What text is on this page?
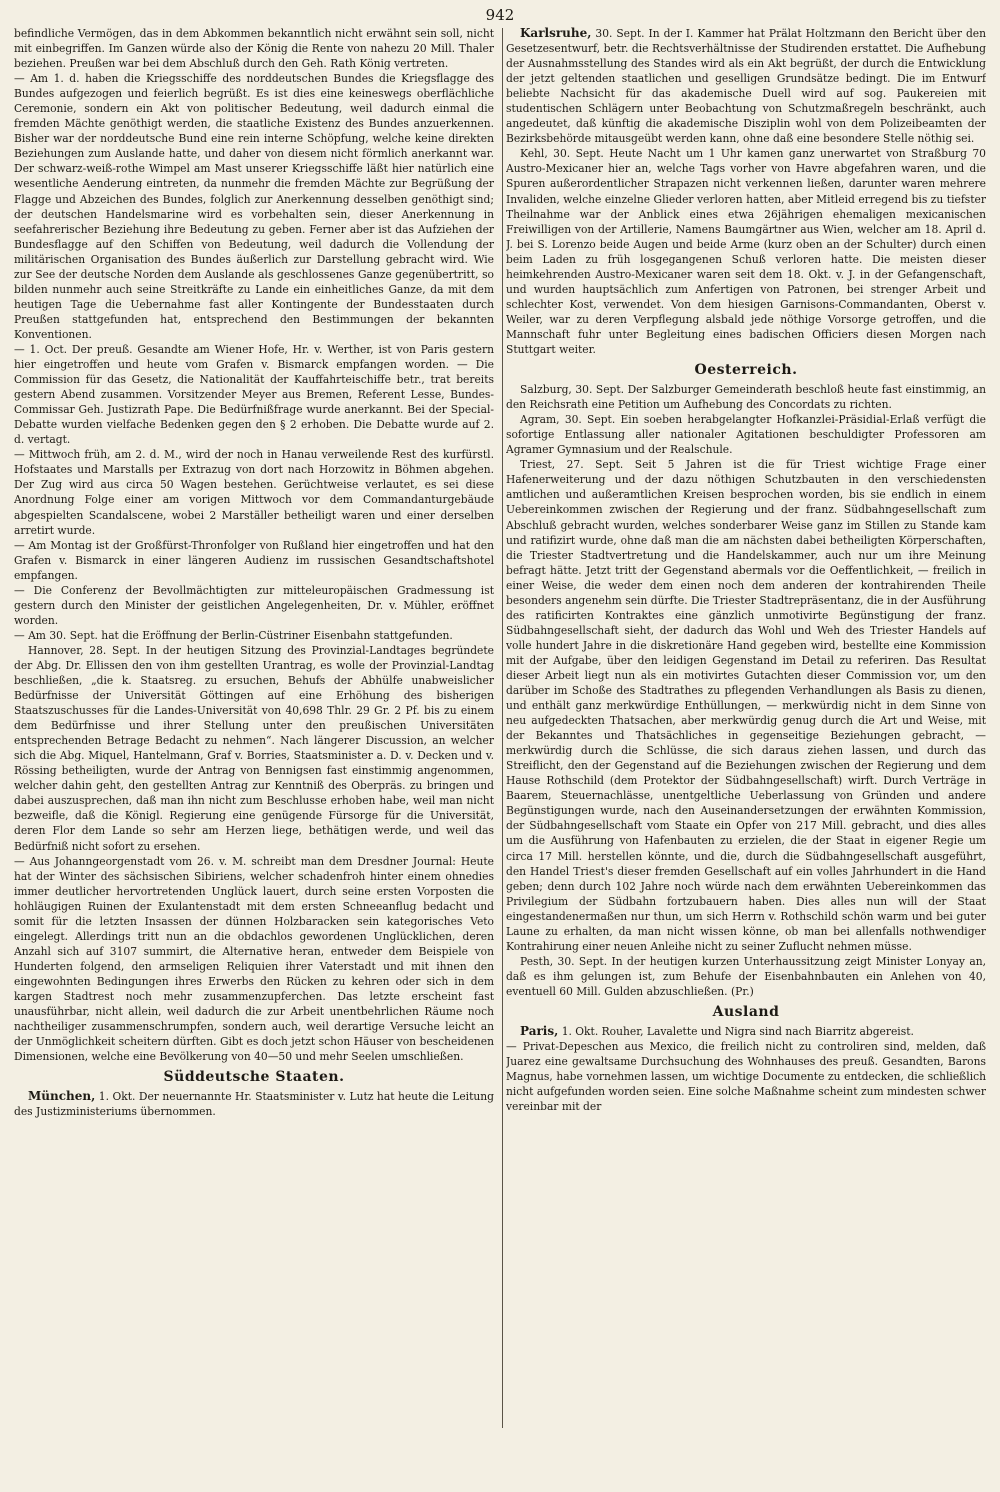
942

befindliche Vermögen, das in dem Abkommen bekanntlich nicht erwähnt sein soll, nicht mit einbegriffen. Im Ganzen würde also der König die Rente von nahezu 20 Mill. Thaler beziehen. Preußen war bei dem Abschluß durch den Geh. Rath König vertreten.

— Am 1. d. haben die Kriegsschiffe des norddeutschen Bundes die Kriegsflagge des Bundes aufgezogen und feierlich begrüßt. Es ist dies eine keineswegs oberflächliche Ceremonie, sondern ein Akt von politischer Bedeutung, weil dadurch einmal die fremden Mächte genöthigt werden, die staatliche Existenz des Bundes anzuerkennen. Bisher war der norddeutsche Bund eine rein interne Schöpfung, welche keine direkten Beziehungen zum Auslande hatte, und daher von diesem nicht förmlich anerkannt war. Der schwarz-weiß-rothe Wimpel am Mast unserer Kriegsschiffe läßt hier natürlich eine wesentliche Aenderung eintreten, da nunmehr die fremden Mächte zur Begrüßung der Flagge und Abzeichen des Bundes, folglich zur Anerkennung desselben genöthigt sind; der deutschen Handelsmarine wird es vorbehalten sein, dieser Anerkennung in seefahrerischer Beziehung ihre Bedeutung zu geben. Ferner aber ist das Aufziehen der Bundesflagge auf den Schiffen von Bedeutung, weil dadurch die Vollendung der militärischen Organisation des Bundes äußerlich zur Darstellung gebracht wird. Wie zur See der deutsche Norden dem Auslande als geschlossenes Ganze gegenübertritt, so bilden nunmehr auch seine Streitkräfte zu Lande ein einheitliches Ganze, da mit dem heutigen Tage die Uebernahme fast aller Kontingente der Bundesstaaten durch Preußen stattgefunden hat, entsprechend den Bestimmungen der bekannten Konventionen.

— 1. Oct. Der preuß. Gesandte am Wiener Hofe, Hr. v. Werther, ist von Paris gestern hier eingetroffen und heute vom Grafen v. Bismarck empfangen worden. — Die Commission für das Gesetz, die Nationalität der Kauffahrteischiffe betr., trat bereits gestern Abend zusammen. Vorsitzender Meyer aus Bremen, Referent Lesse, Bundes-Commissar Geh. Justizrath Pape. Die Bedürfnißfrage wurde anerkannt. Bei der Special-Debatte wurden vielfache Bedenken gegen den § 2 erhoben. Die Debatte wurde auf 2. d. vertagt.

— Mittwoch früh, am 2. d. M., wird der noch in Hanau verweilende Rest des kurfürstl. Hofstaates und Marstalls per Extrazug von dort nach Horzowitz in Böhmen abgehen. Der Zug wird aus circa 50 Wagen bestehen. Gerüchtweise verlautet, es sei diese Anordnung Folge einer am vorigen Mittwoch vor dem Commandanturgebäude abgespielten Scandalscene, wobei 2 Marställer betheiligt waren und einer derselben arretirt wurde.

— Am Montag ist der Großfürst-Thronfolger von Rußland hier eingetroffen und hat den Grafen v. Bismarck in einer längeren Audienz im russischen Gesandtschaftshotel empfangen.

— Die Conferenz der Bevollmächtigten zur mitteleuropäischen Gradmessung ist gestern durch den Minister der geistlichen Angelegenheiten, Dr. v. Mühler, eröffnet worden.

— Am 30. Sept. hat die Eröffnung der Berlin-Cüstriner Eisenbahn stattgefunden.

Hannover, 28. Sept. In der heutigen Sitzung des Provinzial-Landtages begründete der Abg. Dr. Ellissen den von ihm gestellten Urantrag, es wolle der Provinzial-Landtag beschließen, „die k. Staatsreg. zu ersuchen, Behufs der Abhülfe unabweislicher Bedürfnisse der Universität Göttingen auf eine Erhöhung des bisherigen Staatszuschusses für die Landes-Universität von 40,698 Thlr. 29 Gr. 2 Pf. bis zu einem dem Bedürfnisse und ihrer Stellung unter den preußischen Universitäten entsprechenden Betrage Bedacht zu nehmen“. Nach längerer Discussion, an welcher sich die Abg. Miquel, Hantelmann, Graf v. Borries, Staatsminister a. D. v. Decken und v. Rössing betheiligten, wurde der Antrag von Bennigsen fast einstimmig angenommen, welcher dahin geht, den gestellten Antrag zur Kenntniß des Oberpräs. zu bringen und dabei auszusprechen, daß man ihn nicht zum Beschlusse erhoben habe, weil man nicht bezweifle, daß die Königl. Regierung eine genügende Fürsorge für die Universität, deren Flor dem Lande so sehr am Herzen liege, bethätigen werde, und weil das Bedürfniß nicht sofort zu ersehen.

— Aus Johanngeorgenstadt vom 26. v. M. schreibt man dem Dresdner Journal: Heute hat der Winter des sächsischen Sibiriens, welcher schadenfroh hinter einem ohnedies immer deutlicher hervortretenden Unglück lauert, durch seine ersten Vorposten die hohläugigen Ruinen der Exulantenstadt mit dem ersten Schneeanflug bedacht und somit für die letzten Insassen der dünnen Holzbaracken sein kategorisches Veto eingelegt. Allerdings tritt nun an die obdachlos gewordenen Unglücklichen, deren Anzahl sich auf 3107 summirt, die Alternative heran, entweder dem Beispiele von Hunderten folgend, den armseligen Reliquien ihrer Vaterstadt und mit ihnen den eingewohnten Bedingungen ihres Erwerbs den Rücken zu kehren oder sich in dem kargen Stadtrest noch mehr zusammenzupferchen. Das letzte erscheint fast unausführbar, nicht allein, weil dadurch die zur Arbeit unentbehrlichen Räume noch nachtheiliger zusammenschrumpfen, sondern auch, weil derartige Versuche leicht an der Unmöglichkeit scheitern dürften. Gibt es doch jetzt schon Häuser von bescheidenen Dimensionen, welche eine Bevölkerung von 40—50 und mehr Seelen umschließen.

Süddeutsche Staaten.

München, 1. Okt. Der neuernannte Hr. Staatsminister v. Lutz hat heute die Leitung des Justizministeriums übernommen.

Karlsruhe, 30. Sept. In der I. Kammer hat Prälat Holtzmann den Bericht über den Gesetzesentwurf, betr. die Rechtsverhältnisse der Studirenden erstattet. Die Aufhebung der Ausnahmsstellung des Standes wird als ein Akt begrüßt, der durch die Entwicklung der jetzt geltenden staatlichen und geselligen Grundsätze bedingt. Die im Entwurf beliebte Nachsicht für das akademische Duell wird auf sog. Paukereien mit studentischen Schlägern unter Beobachtung von Schutzmaßregeln beschränkt, auch angedeutet, daß künftig die akademische Disziplin wohl von dem Polizeibeamten der Bezirksbehörde mitausgeübt werden kann, ohne daß eine besondere Stelle nöthig sei.

Kehl, 30. Sept. Heute Nacht um 1 Uhr kamen ganz unerwartet von Straßburg 70 Austro-Mexicaner hier an, welche Tags vorher von Havre abgefahren waren, und die Spuren außerordentlicher Strapazen nicht verkennen ließen, darunter waren mehrere Invaliden, welche einzelne Glieder verloren hatten, aber Mitleid erregend bis zu tiefster Theilnahme war der Anblick eines etwa 26jährigen ehemaligen mexicanischen Freiwilligen von der Artillerie, Namens Baumgärtner aus Wien, welcher am 18. April d. J. bei S. Lorenzo beide Augen und beide Arme (kurz oben an der Schulter) durch einen beim Laden zu früh losgegangenen Schuß verloren hatte. Die meisten dieser heimkehrenden Austro-Mexicaner waren seit dem 18. Okt. v. J. in der Gefangenschaft, und wurden hauptsächlich zum Anfertigen von Patronen, bei strenger Arbeit und schlechter Kost, verwendet. Von dem hiesigen Garnisons-Commandanten, Oberst v. Weiler, war zu deren Verpflegung alsbald jede nöthige Vorsorge getroffen, und die Mannschaft fuhr unter Begleitung eines badischen Officiers diesen Morgen nach Stuttgart weiter.

Oesterreich.

Salzburg, 30. Sept. Der Salzburger Gemeinderath beschloß heute fast einstimmig, an den Reichsrath eine Petition um Aufhebung des Concordats zu richten.

Agram, 30. Sept. Ein soeben herabgelangter Hofkanzlei-Präsidial-Erlaß verfügt die sofortige Entlassung aller nationaler Agitationen beschuldigter Professoren am Agramer Gymnasium und der Realschule.

Triest, 27. Sept. Seit 5 Jahren ist die für Triest wichtige Frage einer Hafenerweiterung und der dazu nöthigen Schutzbauten in den verschiedensten amtlichen und außeramtlichen Kreisen besprochen worden, bis sie endlich in einem Uebereinkommen zwischen der Regierung und der franz. Südbahngesellschaft zum Abschluß gebracht wurden, welches sonderbarer Weise ganz im Stillen zu Stande kam und ratifizirt wurde, ohne daß man die am nächsten dabei betheiligten Körperschaften, die Triester Stadtvertretung und die Handelskammer, auch nur um ihre Meinung befragt hätte. Jetzt tritt der Gegenstand abermals vor die Oeffentlichkeit, — freilich in einer Weise, die weder dem einen noch dem anderen der kontrahirenden Theile besonders angenehm sein dürfte. Die Triester Stadtrepräsentanz, die in der Ausführung des ratificirten Kontraktes eine gänzlich unmotivirte Begünstigung der franz. Südbahngesellschaft sieht, der dadurch das Wohl und Weh des Triester Handels auf volle hundert Jahre in die diskretionäre Hand gegeben wird, bestellte eine Kommission mit der Aufgabe, über den leidigen Gegenstand im Detail zu referiren. Das Resultat dieser Arbeit liegt nun als ein motivirtes Gutachten dieser Commission vor, um den darüber im Schoße des Stadtrathes zu pflegenden Verhandlungen als Basis zu dienen, und enthält ganz merkwürdige Enthüllungen, — merkwürdig nicht in dem Sinne von neu aufgedeckten Thatsachen, aber merkwürdig genug durch die Art und Weise, mit der Bekanntes und Thatsächliches in gegenseitige Beziehungen gebracht, — merkwürdig durch die Schlüsse, die sich daraus ziehen lassen, und durch das Streiflicht, den der Gegenstand auf die Beziehungen zwischen der Regierung und dem Hause Rothschild (dem Protektor der Südbahngesellschaft) wirft. Durch Verträge in Baarem, Steuernachlässe, unentgeltliche Ueberlassung von Gründen und andere Begünstigungen wurde, nach den Auseinandersetzungen der erwähnten Kommission, der Südbahngesellschaft vom Staate ein Opfer von 217 Mill. gebracht, und dies alles um die Ausführung von Hafenbauten zu erzielen, die der Staat in eigener Regie um circa 17 Mill. herstellen könnte, und die, durch die Südbahngesellschaft ausgeführt, den Handel Triest's dieser fremden Gesellschaft auf ein volles Jahrhundert in die Hand geben; denn durch 102 Jahre noch würde nach dem erwähnten Uebereinkommen das Privilegium der Südbahn fortzubauern haben. Dies alles nun will der Staat eingestandenermaßen nur thun, um sich Herrn v. Rothschild schön warm und bei guter Laune zu erhalten, da man nicht wissen könne, ob man bei allenfalls nothwendiger Kontrahirung einer neuen Anleihe nicht zu seiner Zuflucht nehmen müsse.

Pesth, 30. Sept. In der heutigen kurzen Unterhaussitzung zeigt Minister Lonyay an, daß es ihm gelungen ist, zum Behufe der Eisenbahnbauten ein Anlehen von 40, eventuell 60 Mill. Gulden abzuschließen. (Pr.)

Ausland

Paris, 1. Okt. Rouher, Lavalette und Nigra sind nach Biarritz abgereist.

— Privat-Depeschen aus Mexico, die freilich nicht zu controliren sind, melden, daß Juarez eine gewaltsame Durchsuchung des Wohnhauses des preuß. Gesandten, Barons Magnus, habe vornehmen lassen, um wichtige Documente zu entdecken, die schließlich nicht aufgefunden worden seien. Eine solche Maßnahme scheint zum mindesten schwer vereinbar mit der
